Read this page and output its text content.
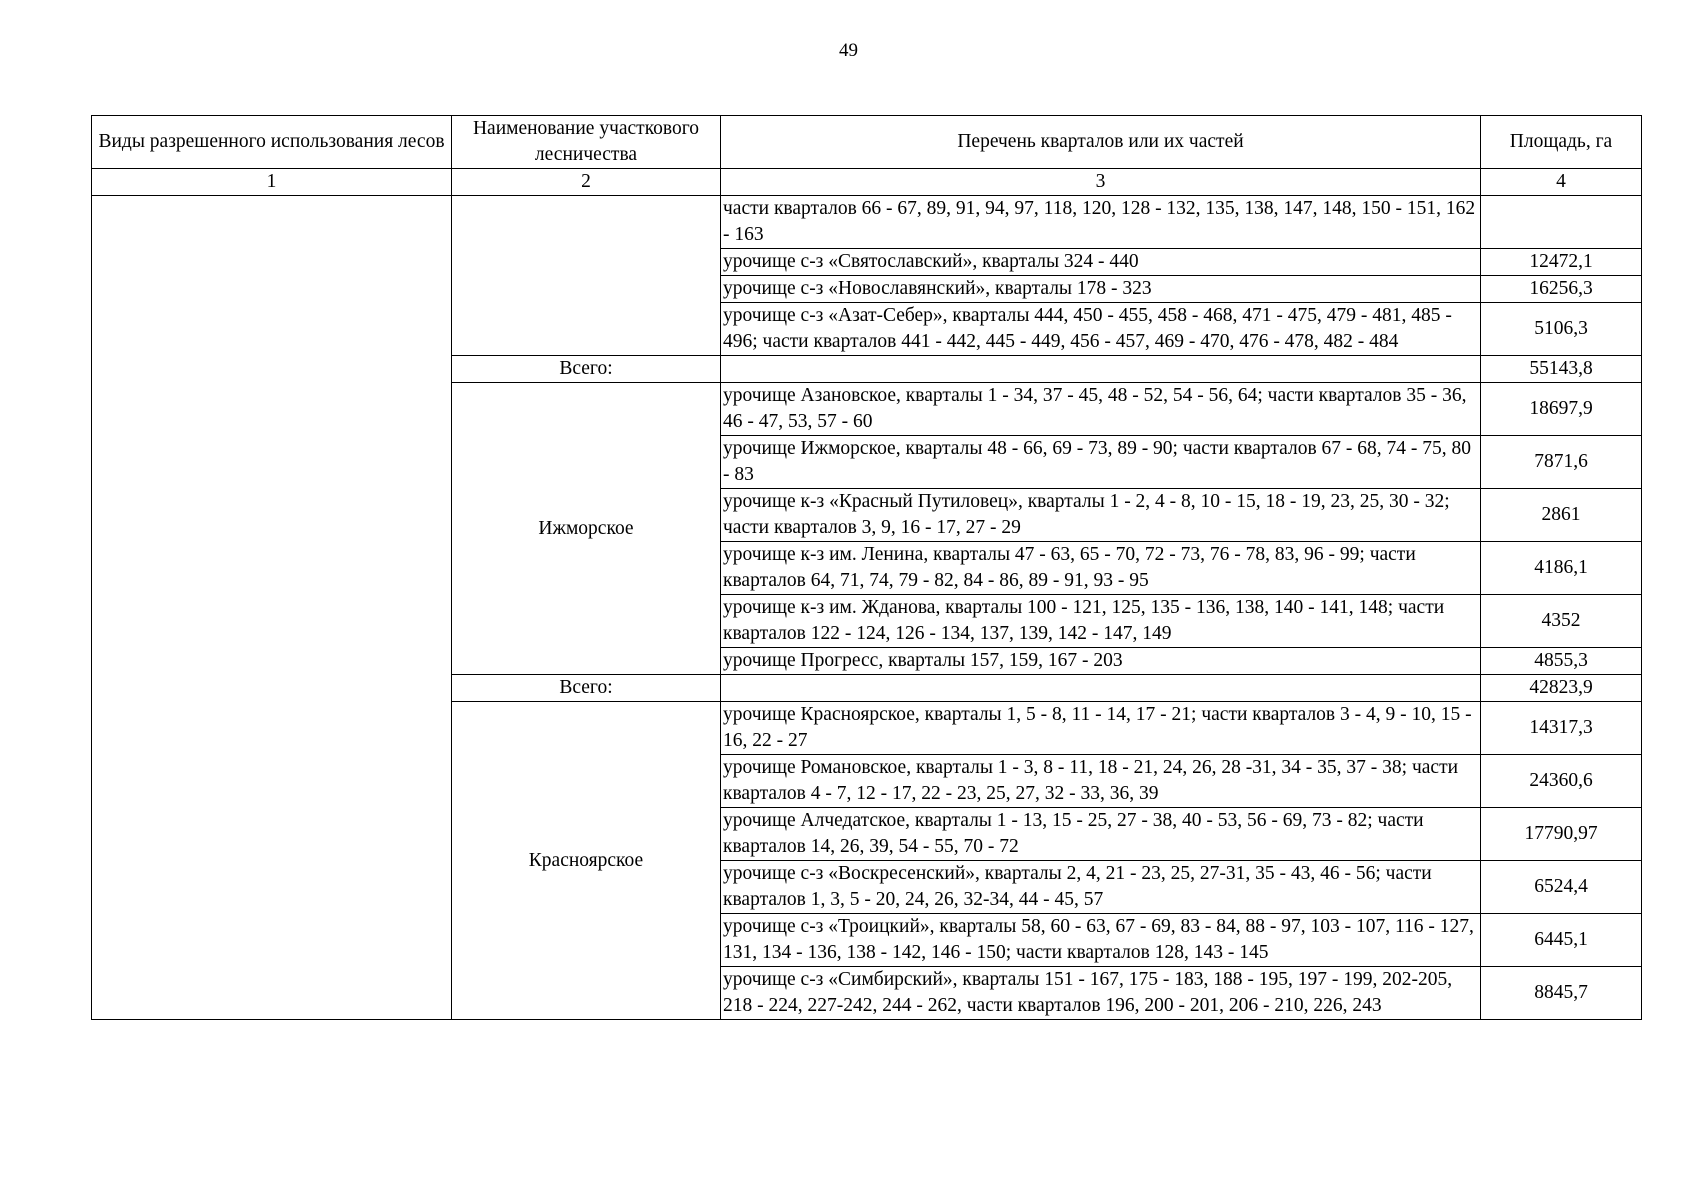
49
Виды разрешенного использования лесов	Наименование участкового лесничества	Перечень кварталов или их частей	Площадь, га
1	2	3	4
		части кварталов 66 - 67, 89, 91, 94, 97, 118, 120, 128 - 132, 135, 138, 147, 148, 150 - 151, 162 - 163	
		урочище с-з «Святославский», кварталы 324 - 440	12472,1
		урочище с-з «Новославянский», кварталы 178 - 323	16256,3
		урочище с-з «Азат-Себер», кварталы 444, 450 - 455, 458 - 468, 471 - 475, 479 - 481, 485 - 496; части кварталов 441 - 442, 445 - 449, 456 - 457, 469 - 470, 476 - 478, 482 - 484	5106,3
	Всего:		55143,8
	Ижморское	урочище Азановское, кварталы 1 - 34, 37 - 45, 48 - 52, 54 - 56, 64; части кварталов 35 - 36, 46 - 47, 53, 57 - 60	18697,9
		урочище Ижморское, кварталы 48 - 66, 69 - 73, 89 - 90; части кварталов 67 - 68, 74 - 75, 80 - 83	7871,6
		урочище к-з «Красный Путиловец», кварталы 1 - 2, 4 - 8, 10 - 15, 18 - 19, 23, 25, 30 - 32; части кварталов 3, 9, 16 - 17, 27 - 29	2861
		урочище к-з им. Ленина, кварталы 47 - 63, 65 - 70, 72 - 73, 76 - 78, 83, 96 - 99; части кварталов 64, 71, 74, 79 - 82, 84 - 86, 89 - 91, 93 - 95	4186,1
		урочище к-з им. Жданова, кварталы 100 - 121, 125, 135 - 136, 138, 140 - 141, 148; части кварталов 122 - 124, 126 - 134, 137, 139, 142 - 147, 149	4352
		урочище Прогресс, кварталы 157, 159, 167 - 203	4855,3
	Всего:		42823,9
	Красноярское	урочище Красноярское, кварталы 1, 5 - 8, 11 - 14, 17 - 21; части кварталов 3 - 4, 9 - 10, 15 - 16, 22 - 27	14317,3
		урочище Романовское, кварталы 1 - 3, 8 - 11, 18 - 21, 24, 26, 28 -31, 34 - 35, 37 - 38; части кварталов 4 - 7, 12 - 17, 22 - 23, 25, 27, 32 - 33, 36, 39	24360,6
		урочище Алчедатское, кварталы 1 - 13, 15 - 25, 27 - 38, 40 - 53, 56 - 69, 73 - 82; части кварталов 14, 26, 39, 54 - 55, 70 - 72	17790,97
		урочище с-з «Воскресенский», кварталы 2, 4, 21 - 23, 25, 27-31, 35 - 43, 46 - 56; части кварталов 1, 3, 5 - 20, 24, 26, 32-34, 44 - 45, 57	6524,4
		урочище с-з «Троицкий», кварталы 58, 60 - 63, 67 - 69, 83 - 84, 88 - 97, 103 - 107, 116 - 127, 131, 134 - 136, 138 - 142, 146 - 150; части кварталов 128, 143 - 145	6445,1
		урочище с-з «Симбирский», кварталы 151 - 167, 175 - 183, 188 - 195, 197 - 199, 202-205, 218 - 224, 227-242, 244 - 262, части кварталов 196, 200 - 201, 206 - 210, 226, 243	8845,7
